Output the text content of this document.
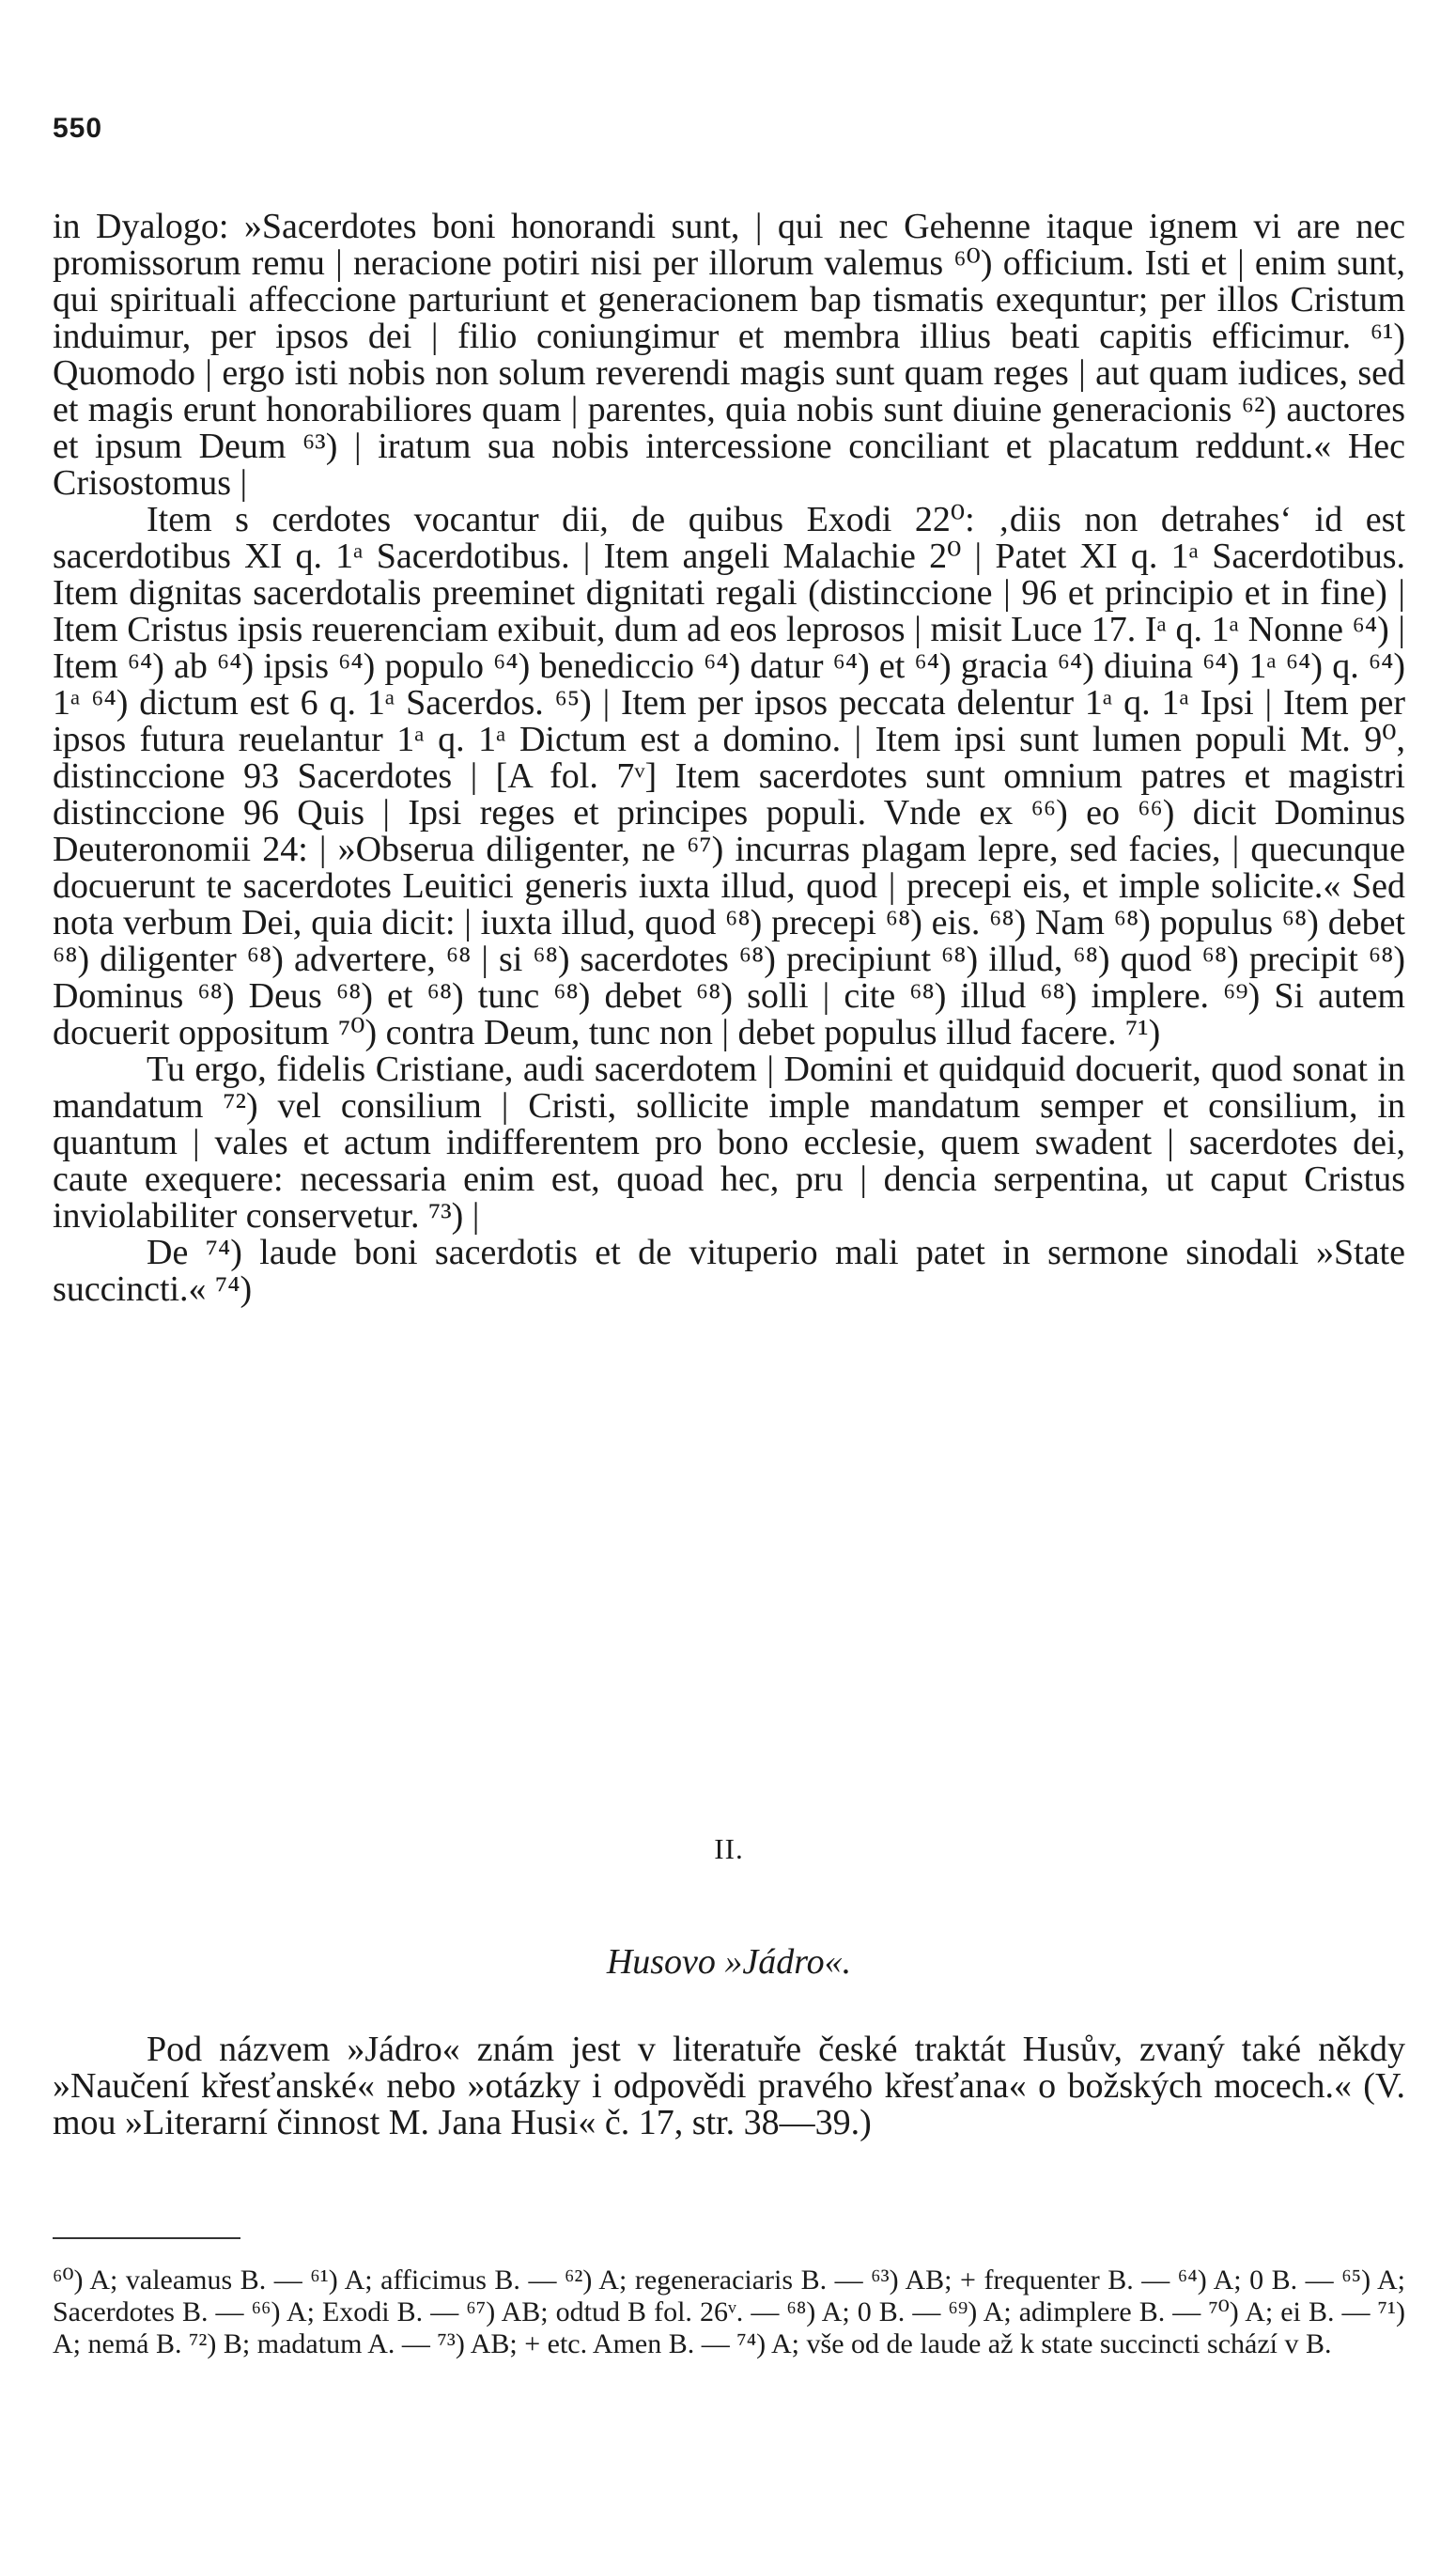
550

in Dyalogo: »Sacerdotes boni honorandi sunt, | qui nec Gehenne itaque ignem vi are nec promissorum remu | neracione potiri nisi per illorum valemus ⁶⁰) officium. Isti et | enim sunt, qui spirituali affeccione parturiunt et generacionem bap tismatis exequntur; per illos Cristum induimur, per ipsos dei | filio coniungimur et membra illius beati capitis efficimur. ⁶¹) Quomodo | ergo isti nobis non solum reverendi magis sunt quam reges | aut quam iudices, sed et magis erunt honorabiliores quam | parentes, quia nobis sunt diuine generacionis ⁶²) auctores et ipsum Deum ⁶³) | iratum sua nobis intercessione conciliant et placatum reddunt.« Hec Crisostomus |

Item s cerdotes vocantur dii, de quibus Exodi 22⁰: ‚diis non detrahes‘ id est sacerdotibus XI q. 1ᵃ Sacerdotibus. | Item angeli Malachie 2⁰ | Patet XI q. 1ᵃ Sacerdotibus. Item dignitas sacerdotalis preeminet dignitati regali (distinccione | 96 et principio et in fine) | Item Cristus ipsis reuerenciam exibuit, dum ad eos leprosos | misit Luce 17. Iᵃ q. 1ᵃ Nonne ⁶⁴) | Item ⁶⁴) ab ⁶⁴) ipsis ⁶⁴) populo ⁶⁴) benediccio ⁶⁴) datur ⁶⁴) et ⁶⁴) gracia ⁶⁴) diuina ⁶⁴) 1ᵃ ⁶⁴) q. ⁶⁴) 1ᵃ ⁶⁴) dictum est 6 q. 1ᵃ Sacerdos. ⁶⁵) | Item per ipsos peccata delentur 1ᵃ q. 1ᵃ Ipsi | Item per ipsos futura reuelantur 1ᵃ q. 1ᵃ Dictum est a domino. | Item ipsi sunt lumen populi Mt. 9⁰, distinccione 93 Sacerdotes | [A fol. 7ᵛ] Item sacerdotes sunt omnium patres et magistri distinccione 96 Quis | Ipsi reges et principes populi. Vnde ex ⁶⁶) eo ⁶⁶) dicit Dominus Deuteronomii 24: | »Obserua diligenter, ne ⁶⁷) incurras plagam lepre, sed facies, | quecunque docuerunt te sacerdotes Leuitici generis iuxta illud, quod | precepi eis, et imple solicite.« Sed nota verbum Dei, quia dicit: | iuxta illud, quod ⁶⁸) precepi ⁶⁸) eis. ⁶⁸) Nam ⁶⁸) populus ⁶⁸) debet ⁶⁸) diligenter ⁶⁸) advertere, ⁶⁸ | si ⁶⁸) sacerdotes ⁶⁸) precipiunt ⁶⁸) illud, ⁶⁸) quod ⁶⁸) precipit ⁶⁸) Dominus ⁶⁸) Deus ⁶⁸) et ⁶⁸) tunc ⁶⁸) debet ⁶⁸) solli | cite ⁶⁸) illud ⁶⁸) implere. ⁶⁹) Si autem docuerit oppositum ⁷⁰) contra Deum, tunc non | debet populus illud facere. ⁷¹)

Tu ergo, fidelis Cristiane, audi sacerdotem | Domini et quidquid docuerit, quod sonat in mandatum ⁷²) vel consilium | Cristi, sollicite imple mandatum semper et consilium, in quantum | vales et actum indifferentem pro bono ecclesie, quem swadent | sacerdotes dei, caute exequere: necessaria enim est, quoad hec, pru | dencia serpentina, ut caput Cristus inviolabiliter conservetur. ⁷³) |

De ⁷⁴) laude boni sacerdotis et de vituperio mali patet in sermone sinodali »State succincti.« ⁷⁴)

II.
Husovo »Jádro«.

Pod názvem »Jádro« znám jest v literatuře české traktát Husův, zvaný také někdy »Naučení křesťanské« nebo »otázky i odpovědi pravého křesťana« o božských mocech.« (V. mou »Literarní činnost M. Jana Husi« č. 17, str. 38—39.)

⁶⁰) A; valeamus B. — ⁶¹) A; afficimus B. — ⁶²) A; regeneraciaris B. — ⁶³) AB; + frequenter B. — ⁶⁴) A; 0 B. — ⁶⁵) A; Sacerdotes B. — ⁶⁶) A; Exodi B. — ⁶⁷) AB; odtud B fol. 26ᵛ. — ⁶⁸) A; 0 B. — ⁶⁹) A; adimplere B. — ⁷⁰) A; ei B. — ⁷¹) A; nemá B. ⁷²) B; madatum A. — ⁷³) AB; + etc. Amen B. — ⁷⁴) A; vše od de laude až k state succincti schází v B.
